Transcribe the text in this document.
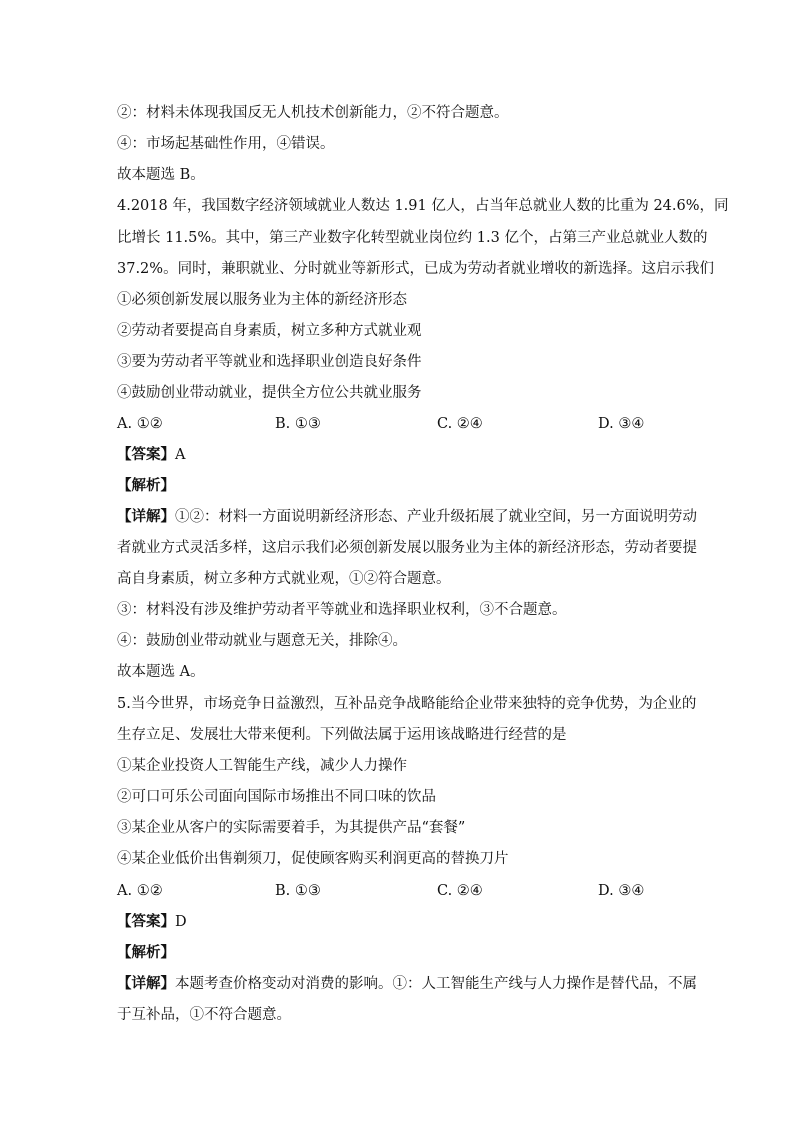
②：材料未体现我国反无人机技术创新能力，②不符合题意。
④：市场起基础性作用，④错误。
故本题选 B。
4.2018 年，我国数字经济领域就业人数达 1.91 亿人，占当年总就业人数的比重为 24.6%，同
比增长 11.5%。其中，第三产业数字化转型就业岗位约 1.3 亿个，占第三产业总就业人数的
37.2%。同时，兼职就业、分时就业等新形式，已成为劳动者就业增收的新选择。这启示我们
①必须创新发展以服务业为主体的新经济形态
②劳动者要提高自身素质，树立多种方式就业观
③要为劳动者平等就业和选择职业创造良好条件
④鼓励创业带动就业，提供全方位公共就业服务
A. ①②	B. ①③	C. ②④	D. ③④
【答案】A
【解析】
【详解】①②：材料一方面说明新经济形态、产业升级拓展了就业空间，另一方面说明劳动
者就业方式灵活多样，这启示我们必须创新发展以服务业为主体的新经济形态，劳动者要提
高自身素质，树立多种方式就业观，①②符合题意。
③：材料没有涉及维护劳动者平等就业和选择职业权利，③不合题意。
④：鼓励创业带动就业与题意无关，排除④。
故本题选 A。
5.当今世界，市场竞争日益激烈，互补品竞争战略能给企业带来独特的竞争优势，为企业的
生存立足、发展壮大带来便利。下列做法属于运用该战略进行经营的是
①某企业投资人工智能生产线，减少人力操作
②可口可乐公司面向国际市场推出不同口味的饮品
③某企业从客户的实际需要着手，为其提供产品“套餐”
④某企业低价出售剃须刀，促使顾客购买利润更高的替换刀片
A. ①②	B. ①③	C. ②④	D. ③④
【答案】D
【解析】
【详解】本题考查价格变动对消费的影响。①：人工智能生产线与人力操作是替代品，不属
于互补品，①不符合题意。
